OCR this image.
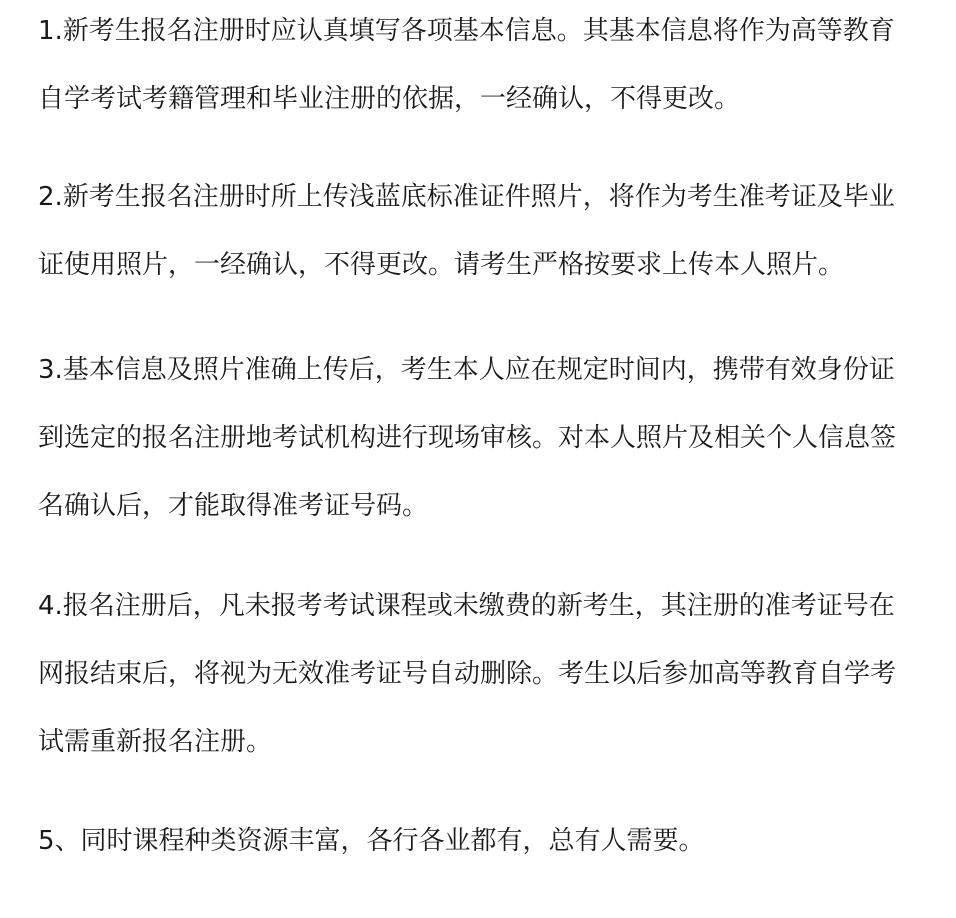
1.新考生报名注册时应认真填写各项基本信息。其基本信息将作为高等教育自学考试考籍管理和毕业注册的依据，一经确认，不得更改。

2.新考生报名注册时所上传浅蓝底标准证件照片，将作为考生准考证及毕业证使用照片，一经确认，不得更改。请考生严格按要求上传本人照片。

3.基本信息及照片准确上传后，考生本人应在规定时间内，携带有效身份证到选定的报名注册地考试机构进行现场审核。对本人照片及相关个人信息签名确认后，才能取得准考证号码。

4.报名注册后，凡未报考考试课程或未缴费的新考生，其注册的准考证号在网报结束后，将视为无效准考证号自动删除。考生以后参加高等教育自学考试需重新报名注册。

5、同时课程种类资源丰富，各行各业都有，总有人需要。
